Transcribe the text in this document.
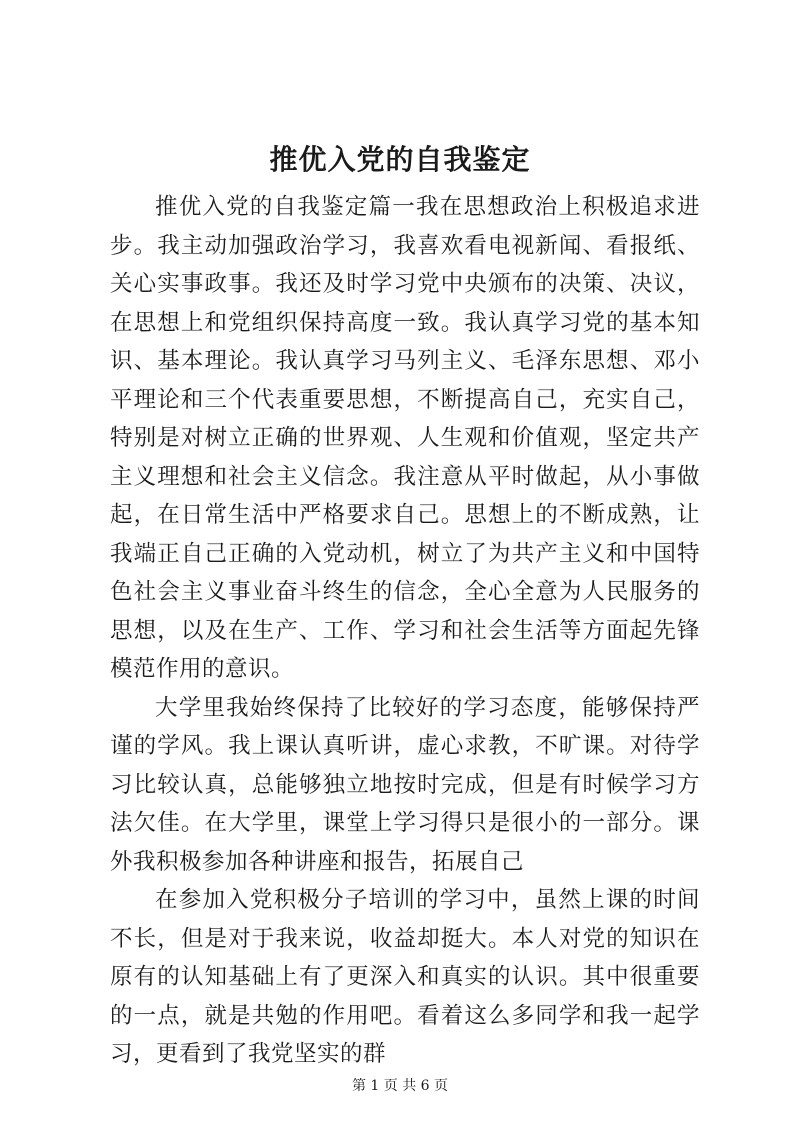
推优入党的自我鉴定

推优入党的自我鉴定篇一我在思想政治上积极追求进步。我主动加强政治学习，我喜欢看电视新闻、看报纸、关心实事政事。我还及时学习党中央颁布的决策、决议，在思想上和党组织保持高度一致。我认真学习党的基本知识、基本理论。我认真学习马列主义、毛泽东思想、邓小平理论和三个代表重要思想，不断提高自己，充实自己，特别是对树立正确的世界观、人生观和价值观，坚定共产主义理想和社会主义信念。我注意从平时做起，从小事做起，在日常生活中严格要求自己。思想上的不断成熟，让我端正自己正确的入党动机，树立了为共产主义和中国特色社会主义事业奋斗终生的信念，全心全意为人民服务的思想，以及在生产、工作、学习和社会生活等方面起先锋模范作用的意识。

大学里我始终保持了比较好的学习态度，能够保持严谨的学风。我上课认真听讲，虚心求教，不旷课。对待学习比较认真，总能够独立地按时完成，但是有时候学习方法欠佳。在大学里，课堂上学习得只是很小的一部分。课外我积极参加各种讲座和报告，拓展自己

在参加入党积极分子培训的学习中，虽然上课的时间不长，但是对于我来说，收益却挺大。本人对党的知识在原有的认知基础上有了更深入和真实的认识。其中很重要的一点，就是共勉的作用吧。看着这么多同学和我一起学习，更看到了我党坚实的群

第 1 页 共 6 页
